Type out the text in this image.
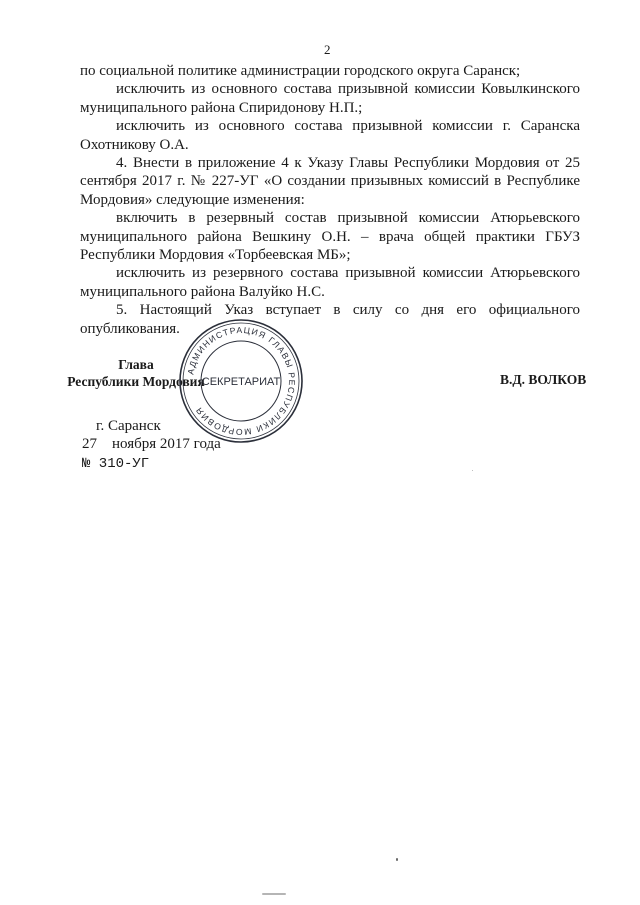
2

по социальной политике администрации городского округа Саранск;

исключить из основного состава призывной комиссии Ковылкинского муниципального района Спиридонову Н.П.;

исключить из основного состава призывной комиссии г. Саранска Охотникову О.А.

4. Внести в приложение 4 к Указу Главы Республики Мордовия от 25 сентября 2017 г. № 227-УГ «О создании призывных комиссий в Республике Мордовия» следующие изменения:

включить в резервный состав призывной комиссии Атюрьевского муниципального района Вешкину О.Н. – врача общей практики ГБУЗ Республики Мордовия «Торбеевская МБ»;

исключить из резервного состава призывной комиссии Атюрьевского муниципального района Валуйко Н.С.

5. Настоящий Указ вступает в силу со дня его официального опубликования.

Глава
Республики Мордовия	В.Д. ВОЛКОВ
АДМИНИСТРАЦИЯ ГЛАВЫ РЕСПУБЛИКИ МОРДОВИЯ
СЕКРЕТАРИАТ
г. Саранск
27    ноября 2017 года
№ 310-УГ
